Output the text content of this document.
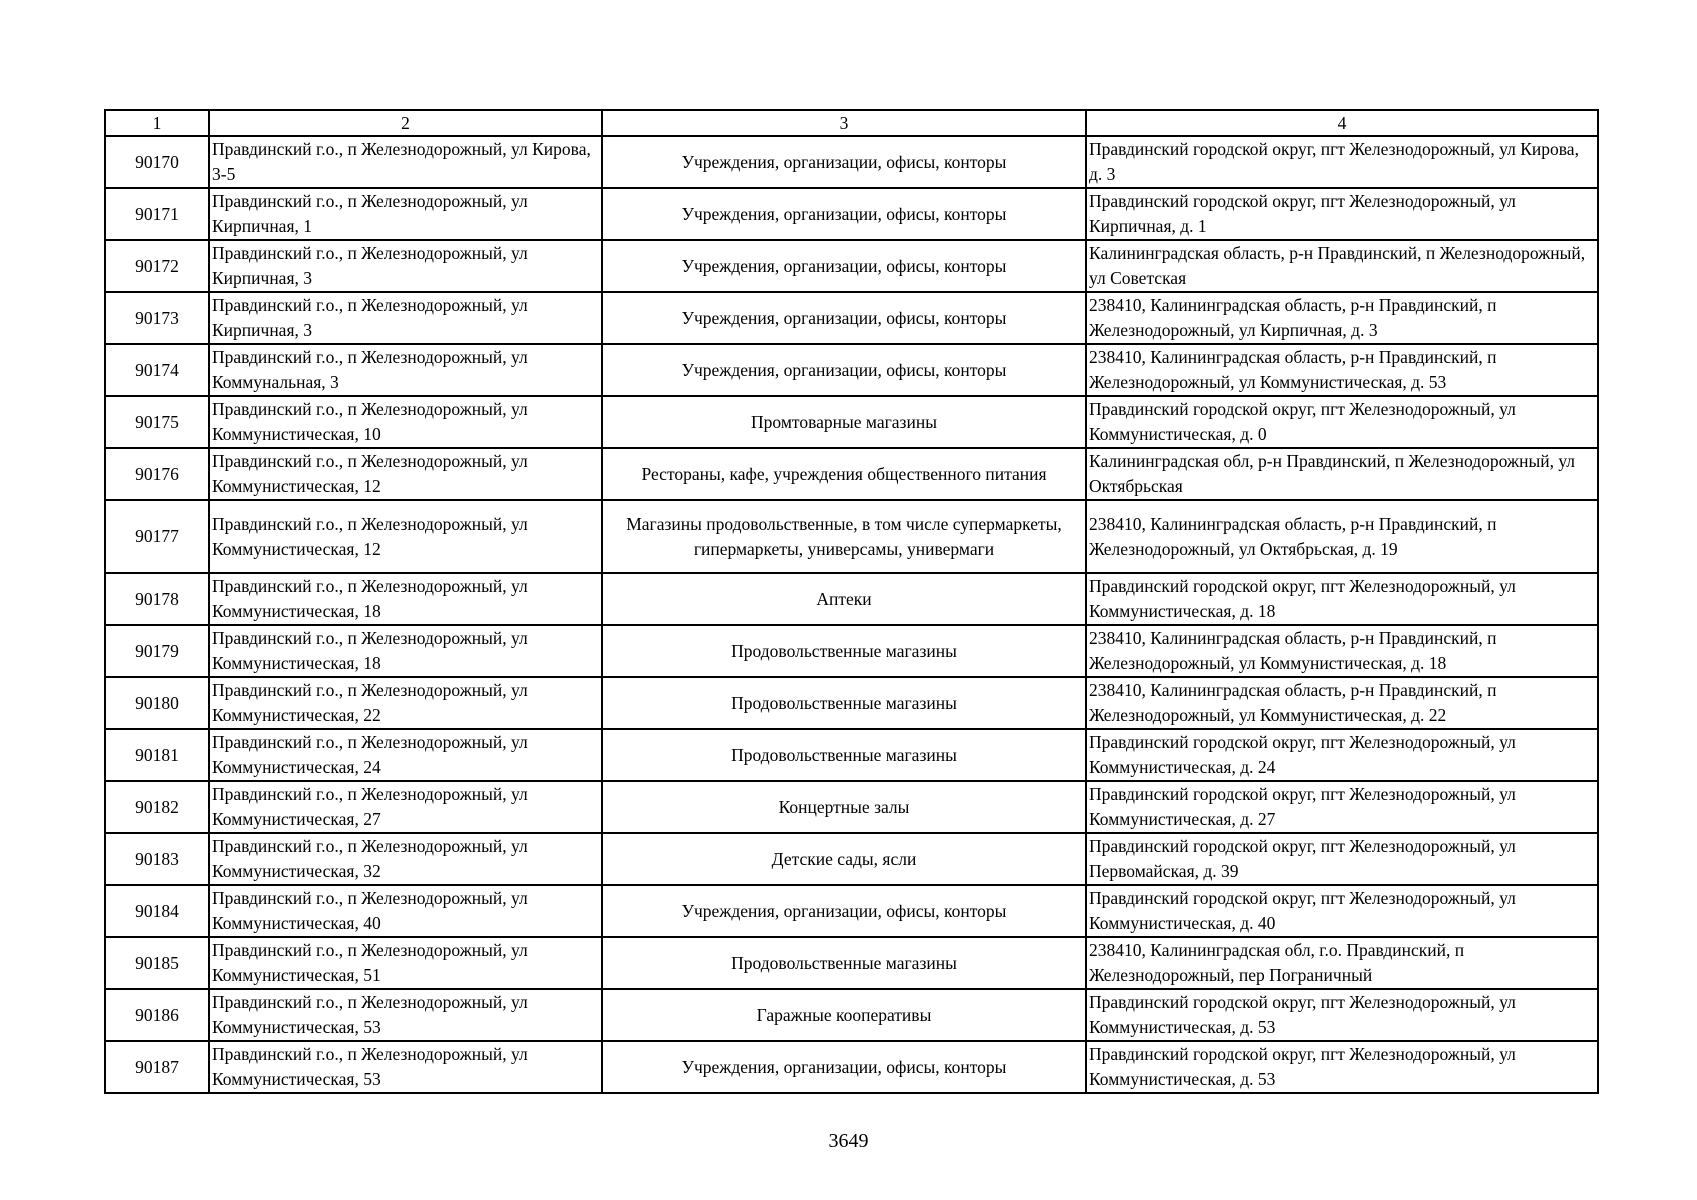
1	2	3	4
90170	Правдинский г.о., п Железнодорожный, ул Кирова, 3-5	Учреждения, организации, офисы, конторы	Правдинский городской округ, пгт Железнодорожный, ул Кирова, д. 3
90171	Правдинский г.о., п Железнодорожный, ул Кирпичная, 1	Учреждения, организации, офисы, конторы	Правдинский городской округ, пгт Железнодорожный, ул Кирпичная, д. 1
90172	Правдинский г.о., п Железнодорожный, ул Кирпичная, 3	Учреждения, организации, офисы, конторы	Калининградская область, р-н Правдинский, п Железнодорожный, ул Советская
90173	Правдинский г.о., п Железнодорожный, ул Кирпичная, 3	Учреждения, организации, офисы, конторы	238410, Калининградская область, р-н Правдинский, п Железнодорожный, ул Кирпичная, д. 3
90174	Правдинский г.о., п Железнодорожный, ул Коммунальная, 3	Учреждения, организации, офисы, конторы	238410, Калининградская область, р-н Правдинский, п Железнодорожный, ул Коммунистическая, д. 53
90175	Правдинский г.о., п Железнодорожный, ул Коммунистическая, 10	Промтоварные магазины	Правдинский городской округ, пгт Железнодорожный, ул Коммунистическая, д. 0
90176	Правдинский г.о., п Железнодорожный, ул Коммунистическая, 12	Рестораны, кафе, учреждения общественного питания	Калининградская обл, р-н Правдинский, п Железнодорожный, ул Октябрьская
90177	Правдинский г.о., п Железнодорожный, ул Коммунистическая, 12	Магазины продовольственные, в том числе супермаркеты, гипермаркеты, универсамы, универмаги	238410, Калининградская область, р-н Правдинский, п Железнодорожный, ул Октябрьская, д. 19
90178	Правдинский г.о., п Железнодорожный, ул Коммунистическая, 18	Аптеки	Правдинский городской округ, пгт Железнодорожный, ул Коммунистическая, д. 18
90179	Правдинский г.о., п Железнодорожный, ул Коммунистическая, 18	Продовольственные магазины	238410, Калининградская область, р-н Правдинский, п Железнодорожный, ул Коммунистическая, д. 18
90180	Правдинский г.о., п Железнодорожный, ул Коммунистическая, 22	Продовольственные магазины	238410, Калининградская область, р-н Правдинский, п Железнодорожный, ул Коммунистическая, д. 22
90181	Правдинский г.о., п Железнодорожный, ул Коммунистическая, 24	Продовольственные магазины	Правдинский городской округ, пгт Железнодорожный, ул Коммунистическая, д. 24
90182	Правдинский г.о., п Железнодорожный, ул Коммунистическая, 27	Концертные залы	Правдинский городской округ, пгт Железнодорожный, ул Коммунистическая, д. 27
90183	Правдинский г.о., п Железнодорожный, ул Коммунистическая, 32	Детские сады, ясли	Правдинский городской округ, пгт Железнодорожный, ул Первомайская, д. 39
90184	Правдинский г.о., п Железнодорожный, ул Коммунистическая, 40	Учреждения, организации, офисы, конторы	Правдинский городской округ, пгт Железнодорожный, ул Коммунистическая, д. 40
90185	Правдинский г.о., п Железнодорожный, ул Коммунистическая, 51	Продовольственные магазины	238410, Калининградская обл, г.о. Правдинский, п Железнодорожный, пер Пограничный
90186	Правдинский г.о., п Железнодорожный, ул Коммунистическая, 53	Гаражные кооперативы	Правдинский городской округ, пгт Железнодорожный, ул Коммунистическая, д. 53
90187	Правдинский г.о., п Железнодорожный, ул Коммунистическая, 53	Учреждения, организации, офисы, конторы	Правдинский городской округ, пгт Железнодорожный, ул Коммунистическая, д. 53
3649
